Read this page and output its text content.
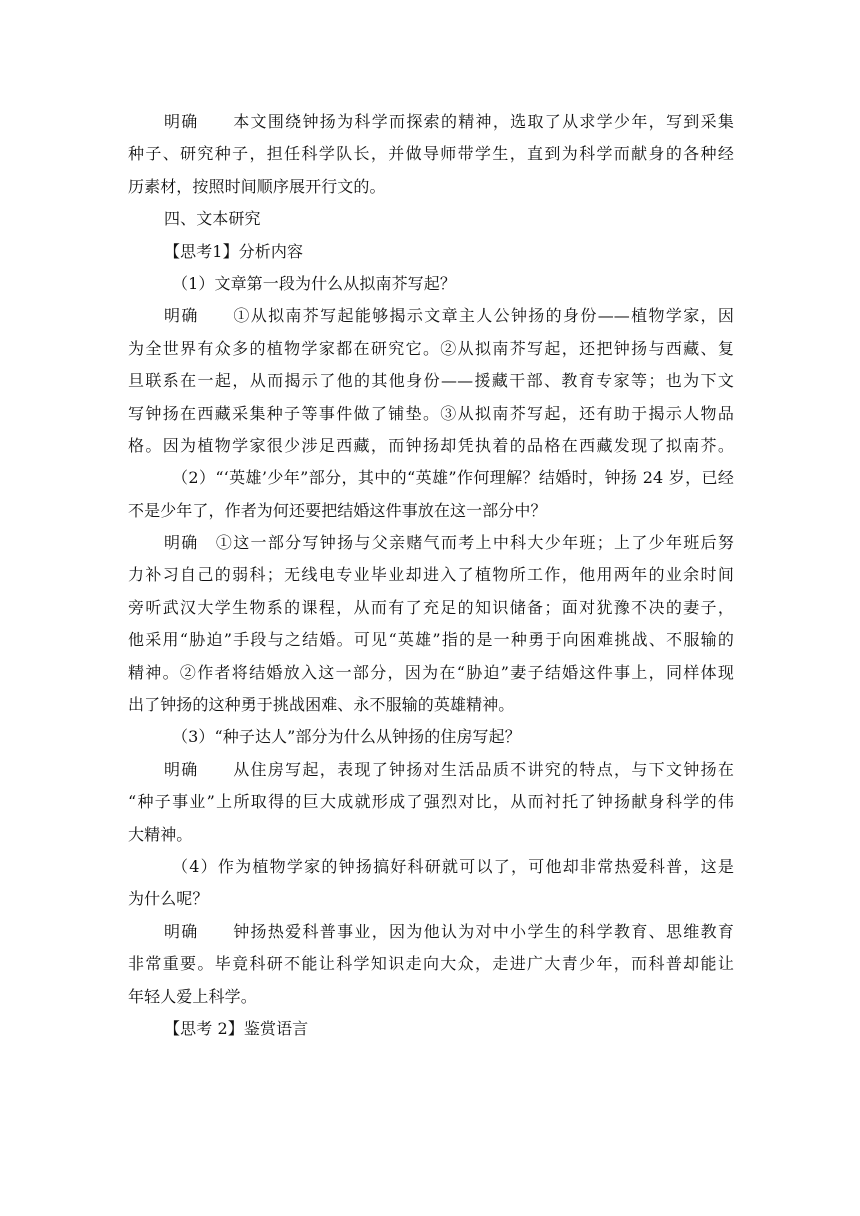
明确　　本文围绕钟扬为科学而探索的精神，选取了从求学少年，写到采集
种子、研究种子，担任科学队长，并做导师带学生，直到为科学而献身的各种经
历素材，按照时间顺序展开行文的。
四、文本研究
【思考1】分析内容
（1）文章第一段为什么从拟南芥写起？
明确　　①从拟南芥写起能够揭示文章主人公钟扬的身份——植物学家，因
为全世界有众多的植物学家都在研究它。②从拟南芥写起，还把钟扬与西藏、复
旦联系在一起，从而揭示了他的其他身份——援藏干部、教育专家等；也为下文
写钟扬在西藏采集种子等事件做了铺垫。③从拟南芥写起，还有助于揭示人物品
格。因为植物学家很少涉足西藏，而钟扬却凭执着的品格在西藏发现了拟南芥。
（2）“‘英雄’少年”部分，其中的“英雄”作何理解？结婚时，钟扬 24 岁，已经
不是少年了，作者为何还要把结婚这件事放在这一部分中？
明确　①这一部分写钟扬与父亲赌气而考上中科大少年班；上了少年班后努
力补习自己的弱科；无线电专业毕业却进入了植物所工作，他用两年的业余时间
旁听武汉大学生物系的课程，从而有了充足的知识储备；面对犹豫不决的妻子，
他采用“胁迫”手段与之结婚。可见“英雄”指的是一种勇于向困难挑战、不服输的
精神。②作者将结婚放入这一部分，因为在“胁迫”妻子结婚这件事上，同样体现
出了钟扬的这种勇于挑战困难、永不服输的英雄精神。
（3）“种子达人”部分为什么从钟扬的住房写起？
明确　　从住房写起，表现了钟扬对生活品质不讲究的特点，与下文钟扬在
“种子事业”上所取得的巨大成就形成了强烈对比，从而衬托了钟扬献身科学的伟
大精神。
（4）作为植物学家的钟扬搞好科研就可以了，可他却非常热爱科普，这是
为什么呢？
明确　　钟扬热爱科普事业，因为他认为对中小学生的科学教育、思维教育
非常重要。毕竟科研不能让科学知识走向大众，走进广大青少年，而科普却能让
年轻人爱上科学。
【思考 2】鉴赏语言
